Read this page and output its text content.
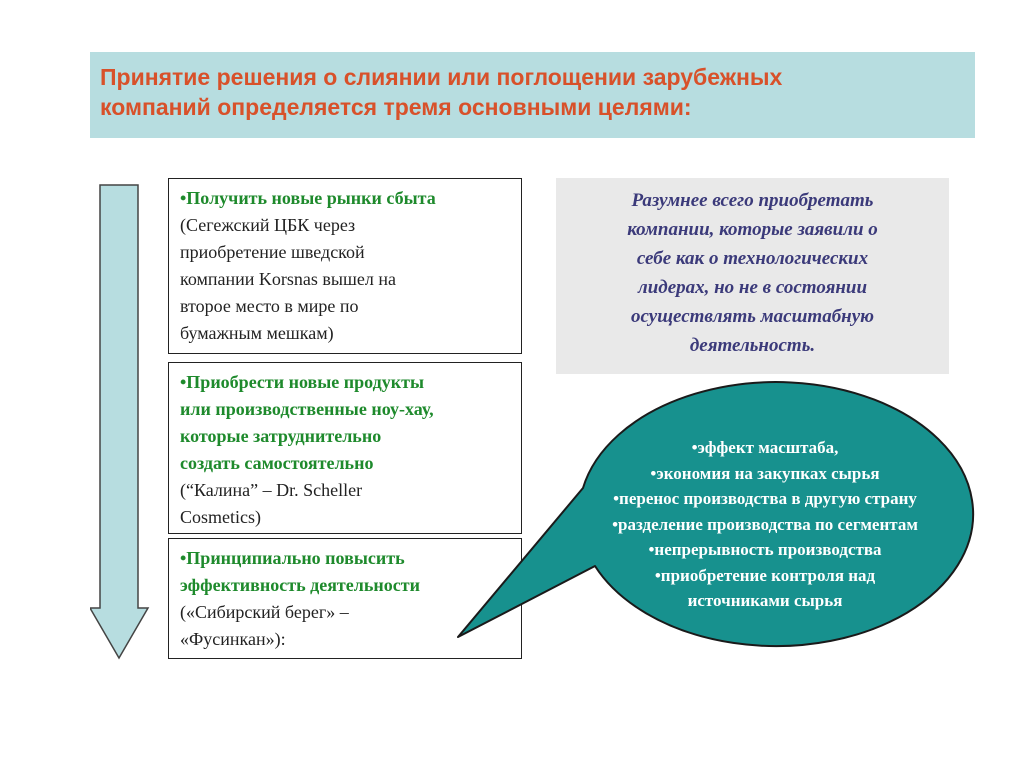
Принятие решения о слиянии или поглощении зарубежных
компаний определяется тремя основными целями:

•Получить новые рынки сбыта
(Сегежский ЦБК через
приобретение шведской
компании Korsnas вышел на
второе место в мире по
бумажным мешкам)
•Приобрести новые продукты
или производственные ноу-хау,
которые затруднительно
создать самостоятельно
(“Калина” – Dr. Scheller
Cosmetics)
•Принципиально повысить
эффективность деятельности
(«Сибирский берег» –
«Фусинкан»):
Разумнее всего приобретать
компании, которые заявили о
себе как о технологических
лидерах, но не в состоянии
осуществлять масштабную
деятельность.
•эффект масштаба,
•экономия на закупках сырья
•перенос производства в другую страну
•разделение производства по сегментам
•непрерывность производства
•приобретение контроля над
источниками сырья
